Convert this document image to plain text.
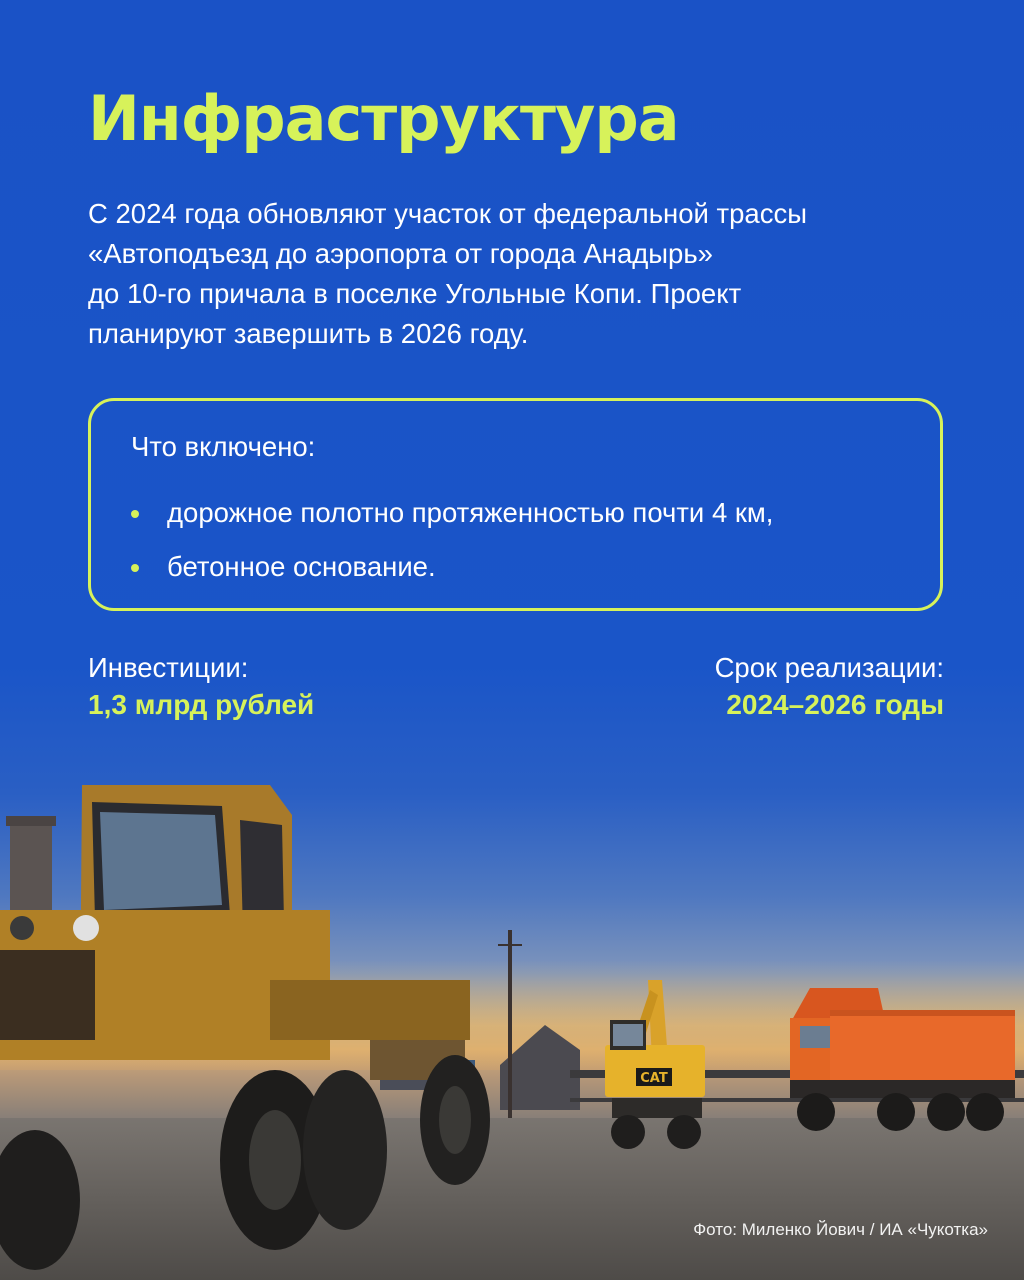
Инфраструктура

С 2024 года обновляют участок от федеральной трассы
«Автоподъезд до аэропорта от города Анадырь»
до 10-го причала в поселке Угольные Копи. Проект
планируют завершить в 2026 году.

Что включено:

дорожное полотно протяженностью почти 4 км,
бетонное основание.
Инвестиции:
1,3 млрд рублей
Срок реализации:
2024–2026 годы
CAT
Фото: Миленко Йович / ИА «Чукотка»
